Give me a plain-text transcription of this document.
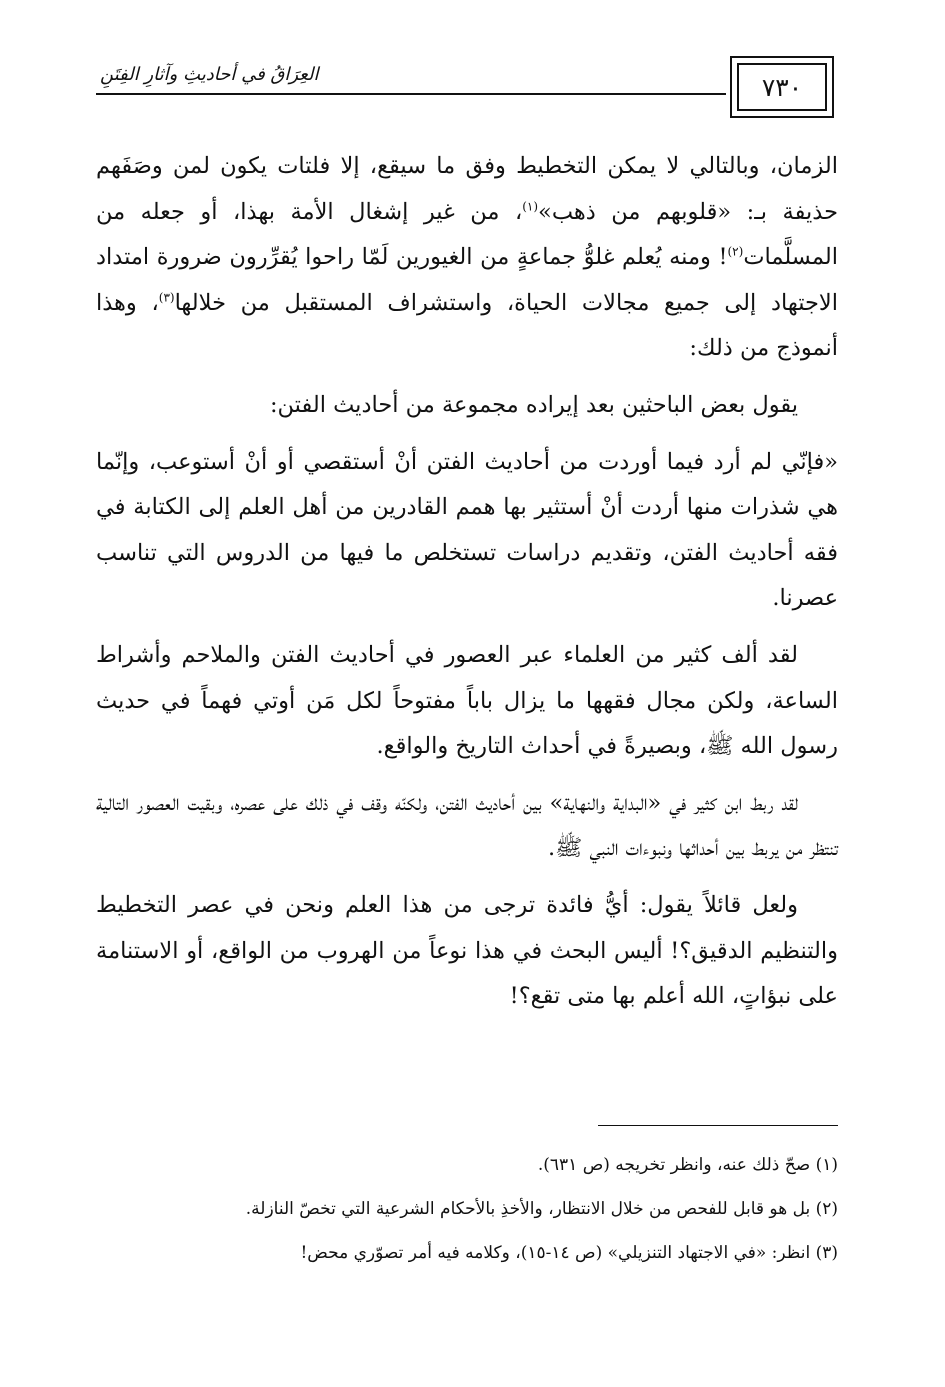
العِرَاقُ في أحاديثِ وآثارِ الفِتَنِ	٧٣٠

الزمان، وبالتالي لا يمكن التخطيط وفق ما سيقع، إلا فلتات يكون لمن وصَفَهم حذيفة بـ: «قلوبهم من ذهب»$^{(١)}$، من غير إشغال الأمة بهذا، أو جعله من المسلَّمات$^{(٢)}$! ومنه يُعلم غلوُّ جماعةٍ من الغيورين لَمّا راحوا يُقرِّرون ضرورة امتداد الاجتهاد إلى جميع مجالات الحياة، واستشراف المستقبل من خلالها$^{(٣)}$، وهذا أنموذج من ذلك:

يقول بعض الباحثين بعد إيراده مجموعة من أحاديث الفتن:

«فإنّي لم أرد فيما أوردت من أحاديث الفتن أنْ أستقصي أو أنْ أستوعب، وإنّما هي شذرات منها أردت أنْ أستثير بها همم القادرين من أهل العلم إلى الكتابة في فقه أحاديث الفتن، وتقديم دراسات تستخلص ما فيها من الدروس التي تناسب عصرنا.

لقد ألف كثير من العلماء عبر العصور في أحاديث الفتن والملاحم وأشراط الساعة، ولكن مجال فقهها ما يزال باباً مفتوحاً لكل مَن أوتي فهماً في حديث رسول الله ﷺ، وبصيرةً في أحداث التاريخ والواقع.

لقد ربط ابن كثير في «البداية والنهاية» بين أحاديث الفتن، ولكنّه وقف في ذلك على عصره، وبقيت العصور التالية تنتظر من يربط بين أحداثها ونبوءات النبي ﷺ.

ولعل قائلاً يقول: أيُّ فائدة ترجى من هذا العلم ونحن في عصر التخطيط والتنظيم الدقيق؟! أليس البحث في هذا نوعاً من الهروب من الواقع، أو الاستنامة على نبؤاتٍ، الله أعلم بها متى تقع؟!

(١) صحّ ذلك عنه، وانظر تخريجه (ص ٦٣١).

(٢) بل هو قابل للفحص من خلال الانتظار، والأخذِ بالأحكام الشرعية التي تخصّ النازلة.

(٣) انظر: «في الاجتهاد التنزيلي» (ص ١٤-١٥)، وكلامه فيه أمر تصوّري محض!
